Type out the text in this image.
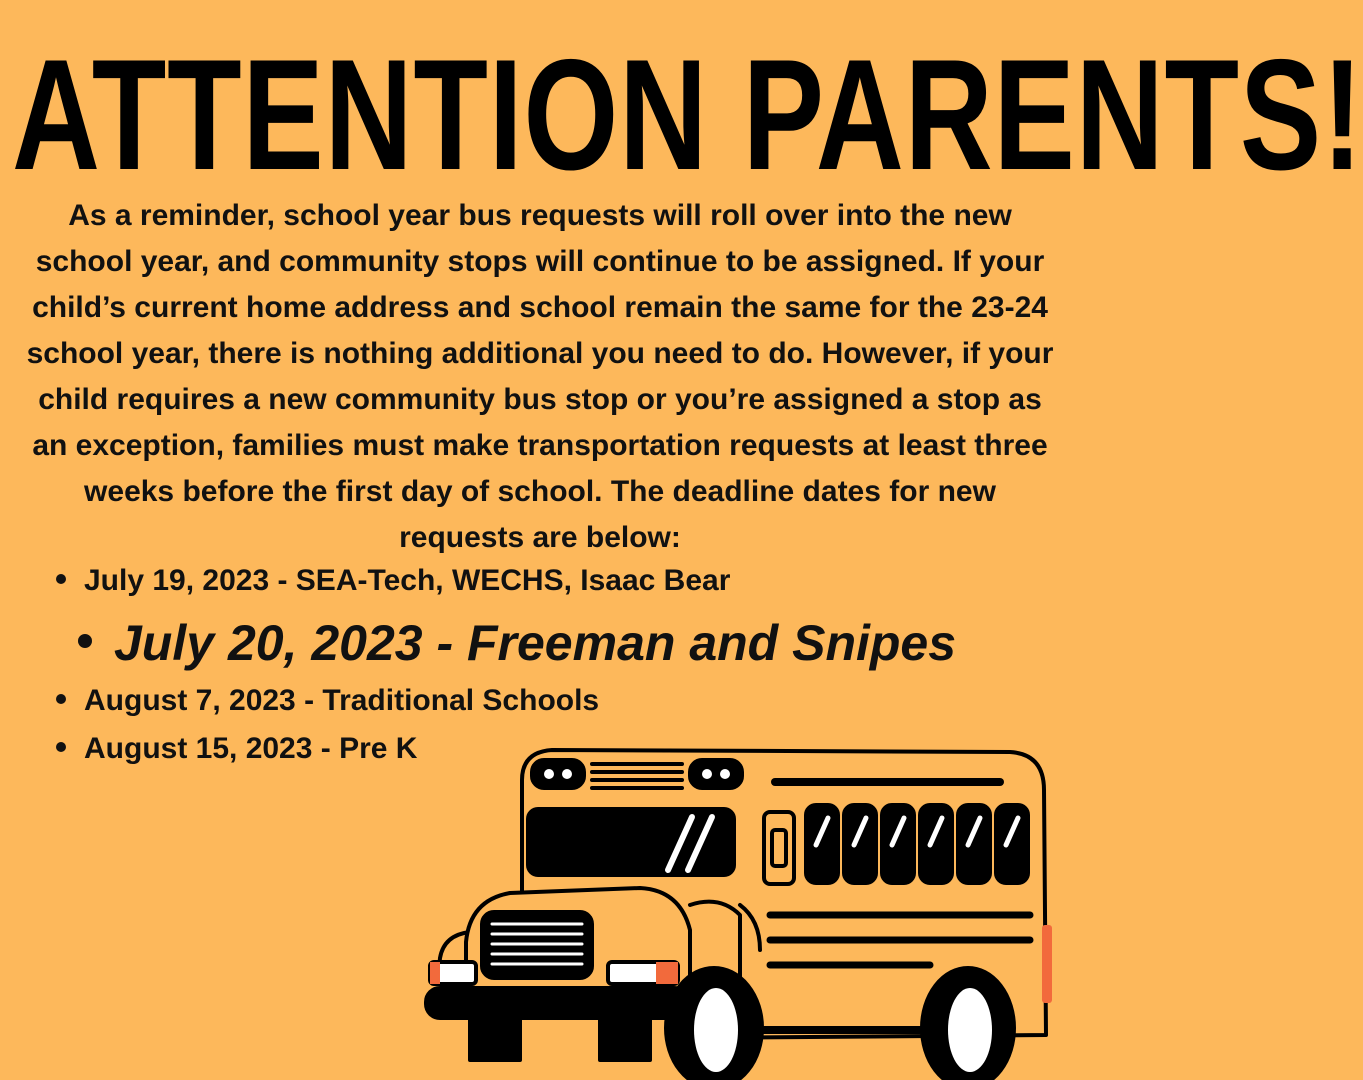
ATTENTION PARENTS!

As a reminder, school year bus requests will roll over into the new school year, and community stops will continue to be assigned. If your child’s current home address and school remain the same for the 23-24 school year, there is nothing additional you need to do. However, if your child requires a new community bus stop or you’re assigned a stop as an exception, families must make transportation requests at least three weeks before the first day of school. The deadline dates for new requests are below:

July 19, 2023 - SEA-Tech, WECHS, Isaac Bear
July 20, 2023 - Freeman and Snipes
August 7, 2023 - Traditional Schools
August 15, 2023 - Pre K
